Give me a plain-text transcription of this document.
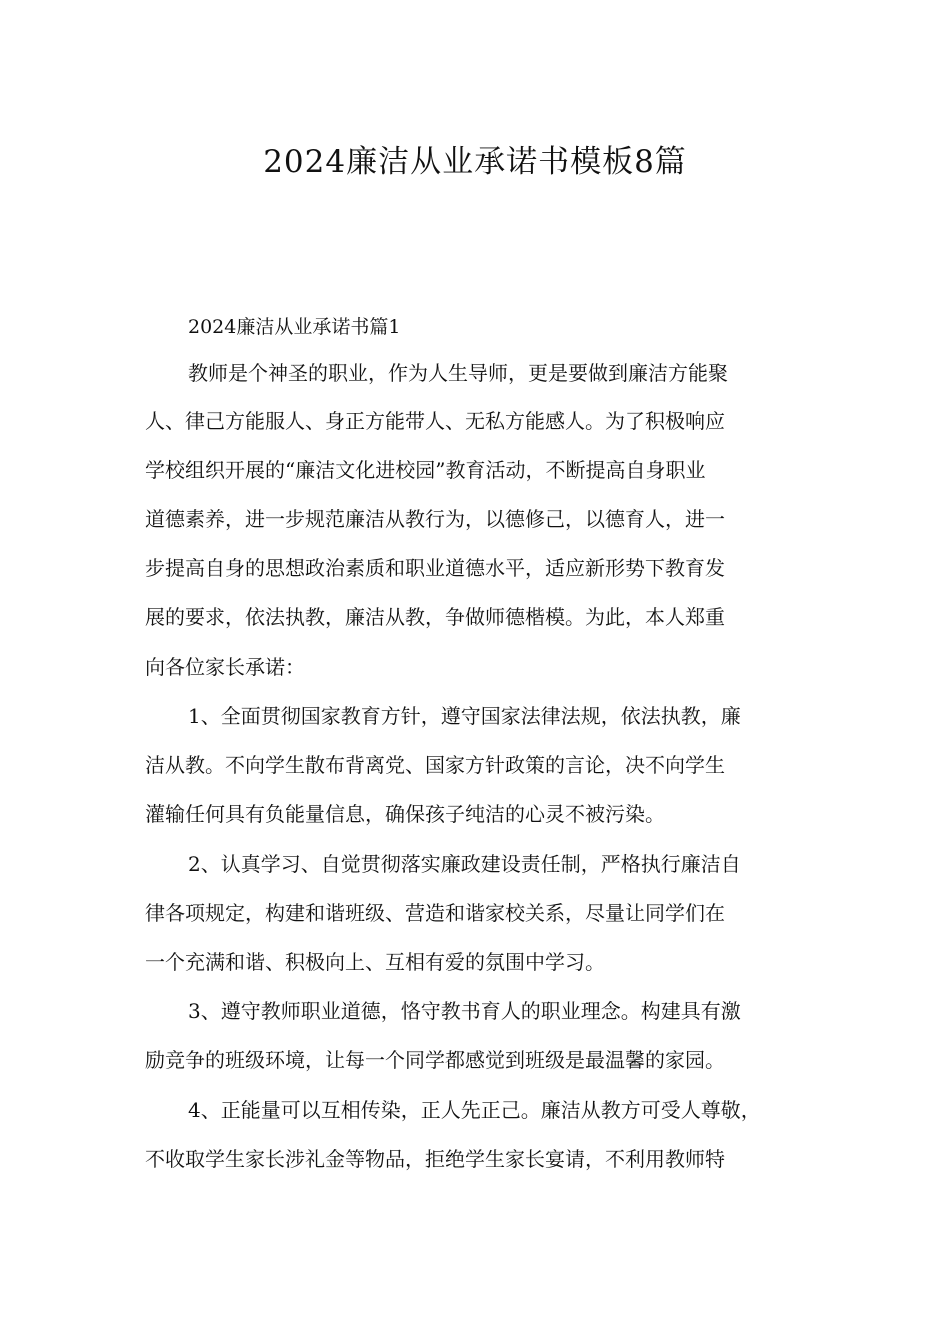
2024廉洁从业承诺书模板8篇
2024廉洁从业承诺书篇1

教师是个神圣的职业，作为人生导师，更是要做到廉洁方能聚

人、律己方能服人、身正方能带人、无私方能感人。为了积极响应

学校组织开展的“廉洁文化进校园”教育活动，不断提高自身职业

道德素养，进一步规范廉洁从教行为，以德修己，以德育人，进一

步提高自身的思想政治素质和职业道德水平，适应新形势下教育发

展的要求，依法执教，廉洁从教，争做师德楷模。为此，本人郑重

向各位家长承诺：

1、全面贯彻国家教育方针，遵守国家法律法规，依法执教，廉

洁从教。不向学生散布背离党、国家方针政策的言论，决不向学生

灌输任何具有负能量信息，确保孩子纯洁的心灵不被污染。

2、认真学习、自觉贯彻落实廉政建设责任制，严格执行廉洁自

律各项规定，构建和谐班级、营造和谐家校关系，尽量让同学们在

一个充满和谐、积极向上、互相有爱的氛围中学习。

3、遵守教师职业道德，恪守教书育人的职业理念。构建具有激

励竞争的班级环境，让每一个同学都感觉到班级是最温馨的家园。

4、正能量可以互相传染，正人先正己。廉洁从教方可受人尊敬，

不收取学生家长涉礼金等物品，拒绝学生家长宴请，不利用教师特
